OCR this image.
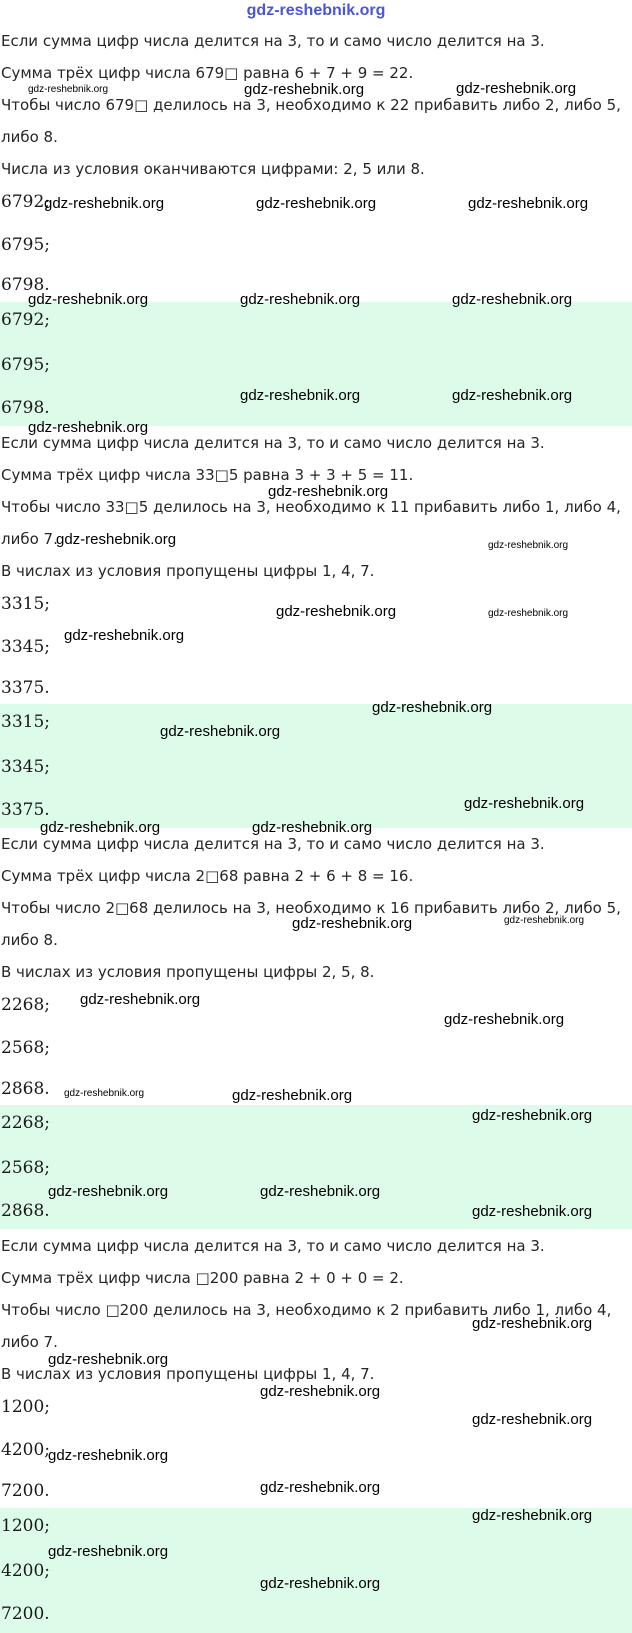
gdz-reshebnik.org
Если сумма цифр числа делится на 3, то и само число делится на 3.
Сумма трёх цифр числа 679□ равна 6 + 7 + 9 = 22.
Чтобы число 679□ делилось на 3, необходимо к 22 прибавить либо 2, либо 5,
либо 8.
Числа из условия оканчиваются цифрами: 2, 5 или 8.
6792;
6795;
6798.
6792;
6795;
6798.
Если сумма цифр числа делится на 3, то и само число делится на 3.
Сумма трёх цифр числа 33□5 равна 3 + 3 + 5 = 11.
Чтобы число 33□5 делилось на 3, необходимо к 11 прибавить либо 1, либо 4,
либо 7.
В числах из условия пропущены цифры 1, 4, 7.
3315;
3345;
3375.
3315;
3345;
3375.
Если сумма цифр числа делится на 3, то и само число делится на 3.
Сумма трёх цифр числа 2□68 равна 2 + 6 + 8 = 16.
Чтобы число 2□68 делилось на 3, необходимо к 16 прибавить либо 2, либо 5,
либо 8.
В числах из условия пропущены цифры 2, 5, 8.
2268;
2568;
2868.
2268;
2568;
2868.
Если сумма цифр числа делится на 3, то и само число делится на 3.
Сумма трёх цифр числа □200 равна 2 + 0 + 0 = 2.
Чтобы число □200 делилось на 3, необходимо к 2 прибавить либо 1, либо 4,
либо 7.
В числах из условия пропущены цифры 1, 4, 7.
1200;
4200;
7200.
1200;
4200;
7200.
gdz-reshebnik.org	gdz-reshebnik.org	gdz-reshebnik.org
gdz-reshebnik.org	gdz-reshebnik.org	gdz-reshebnik.org
gdz-reshebnik.org	gdz-reshebnik.org	gdz-reshebnik.org
gdz-reshebnik.org	gdz-reshebnik.org
gdz-reshebnik.org
gdz-reshebnik.org
gdz-reshebnik.org	gdz-reshebnik.org
gdz-reshebnik.org	gdz-reshebnik.org
gdz-reshebnik.org
gdz-reshebnik.org
gdz-reshebnik.org
gdz-reshebnik.org
gdz-reshebnik.org	gdz-reshebnik.org
gdz-reshebnik.org	gdz-reshebnik.org
gdz-reshebnik.org
gdz-reshebnik.org
gdz-reshebnik.org	gdz-reshebnik.org
gdz-reshebnik.org
gdz-reshebnik.org	gdz-reshebnik.org
gdz-reshebnik.org
gdz-reshebnik.org
gdz-reshebnik.org
gdz-reshebnik.org
gdz-reshebnik.org
gdz-reshebnik.org
gdz-reshebnik.org
gdz-reshebnik.org
gdz-reshebnik.org
gdz-reshebnik.org
